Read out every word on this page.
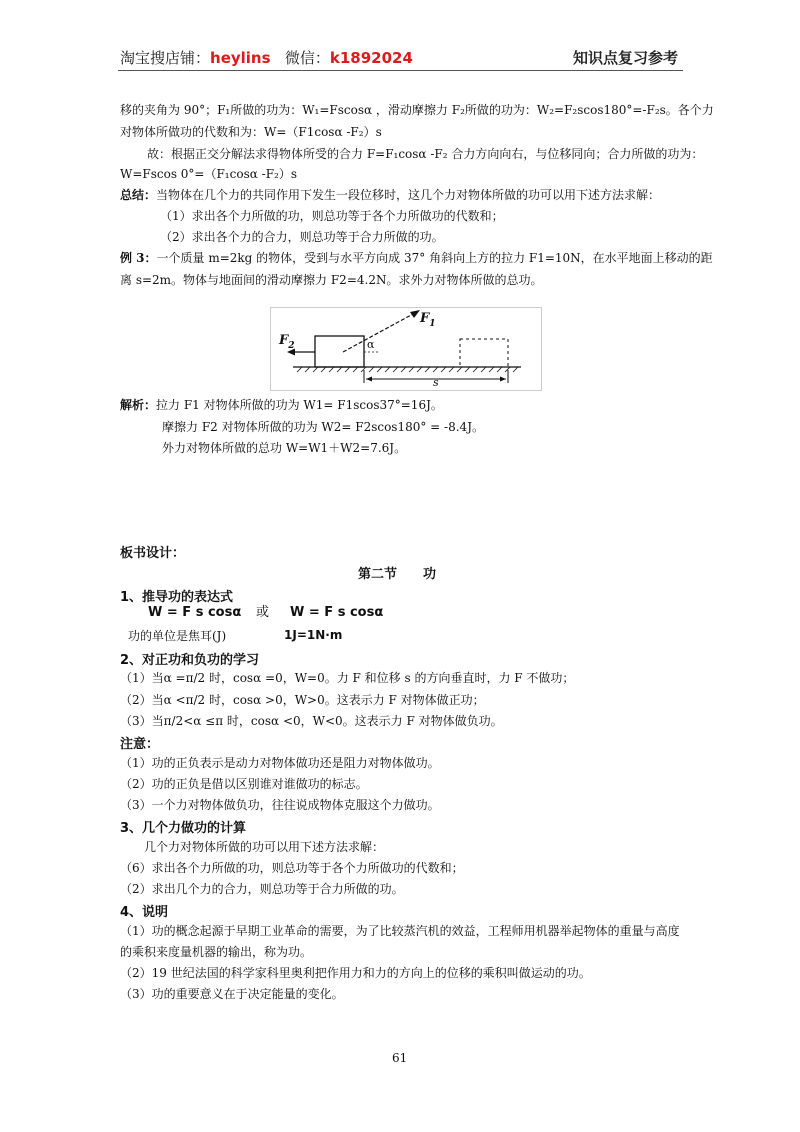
淘宝搜店铺：heylins 微信：k1892024	知识点复习参考
移的夹角为 90°；F₁所做的功为：W₁=Fscosα ，滑动摩擦力 F₂所做的功为：W₂=F₂scos180°=-F₂s。各个力
对物体所做功的代数和为：W=（F1cosα -F₂）s
故：根据正交分解法求得物体所受的合力 F=F₁cosα -F₂ 合力方向向右，与位移同向；合力所做的功为：
W=Fscos 0°=（F₁cosα -F₂）s
总结：当物体在几个力的共同作用下发生一段位移时，这几个力对物体所做的功可以用下述方法求解：
（1）求出各个力所做的功，则总功等于各个力所做功的代数和；
（2）求出各个力的合力，则总功等于合力所做的功。
例 3：一个质量 m=2kg 的物体，受到与水平方向成 37° 角斜向上方的拉力 F1=10N，在水平地面上移动的距
离 s=2m。物体与地面间的滑动摩擦力 F2=4.2N。求外力对物体所做的总功。
$F_1$
$F_2$	α
s
解析：拉力 F1 对物体所做的功为 W1= F1scos37°=16J。
摩擦力 F2 对物体所做的功为 W2= F2scos180° = -8.4J。
外力对物体所做的总功 W=W1＋W2=7.6J。
板书设计：
第二节　　功
1、推导功的表达式
W = F s cosα 或 W = F s cosα
功的单位是焦耳(J)	1J=1N·m
2、对正功和负功的学习
（1）当α =π/2 时，cosα =0，W=0。力 F 和位移 s 的方向垂直时，力 F 不做功；
（2）当α <π/2 时，cosα >0，W>0。这表示力 F 对物体做正功；
（3）当π/2<α ≤π 时，cosα <0，W<0。这表示力 F 对物体做负功。
注意：
（1）功的正负表示是动力对物体做功还是阻力对物体做功。
（2）功的正负是借以区别谁对谁做功的标志。
（3）一个力对物体做负功，往往说成物体克服这个力做功。
3、几个力做功的计算
几个力对物体所做的功可以用下述方法求解：
（6）求出各个力所做的功，则总功等于各个力所做功的代数和；
（2）求出几个力的合力，则总功等于合力所做的功。
4、说明
（1）功的概念起源于早期工业革命的需要，为了比较蒸汽机的效益，工程师用机器举起物体的重量与高度
的乘积来度量机器的输出，称为功。
（2）19 世纪法国的科学家科里奥利把作用力和力的方向上的位移的乘积叫做运动的功。
（3）功的重要意义在于决定能量的变化。
61
